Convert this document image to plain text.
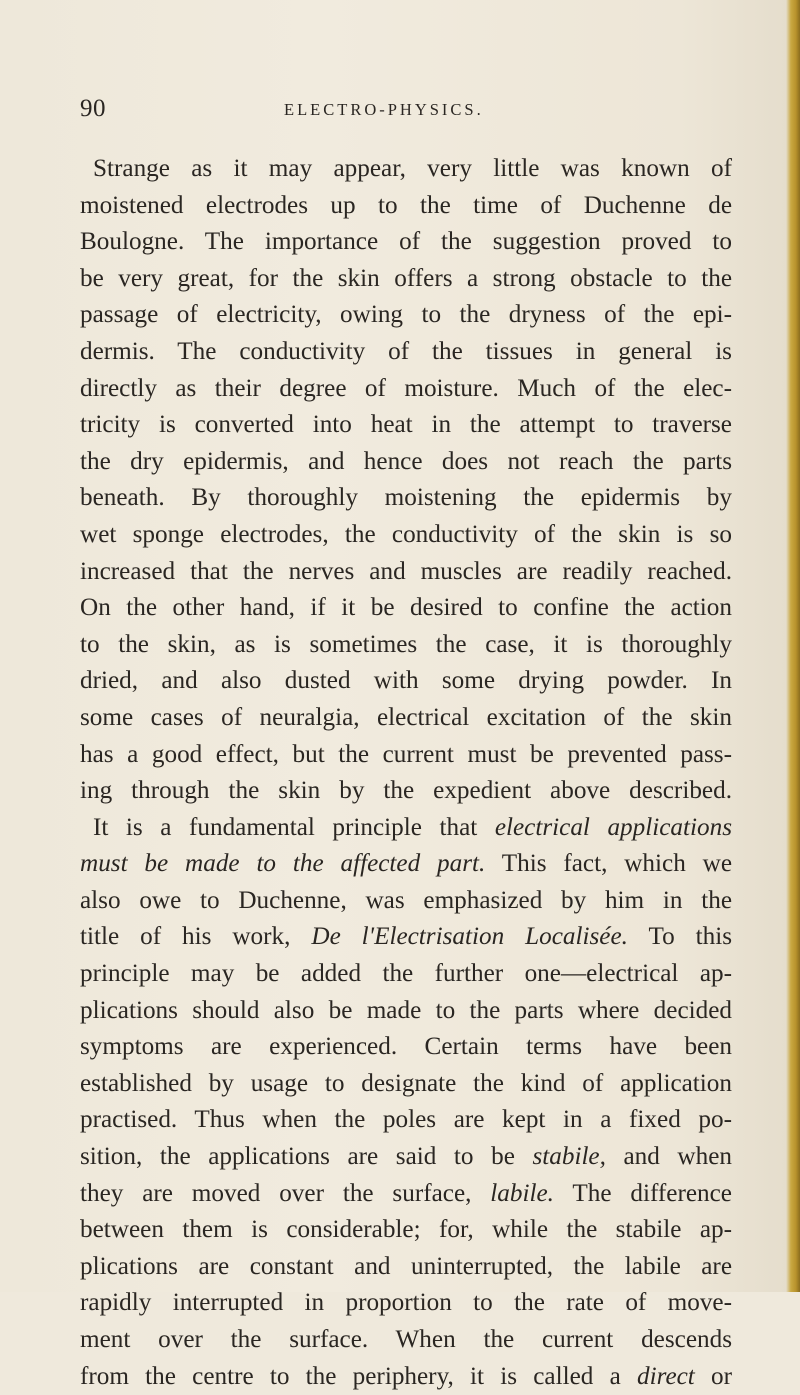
90	ELECTRO-PHYSICS.
Strange as it may appear, very little was known of
moistened electrodes up to the time of Duchenne de
Boulogne. The importance of the suggestion proved to
be very great, for the skin offers a strong obstacle to the
passage of electricity, owing to the dryness of the epi-
dermis. The conductivity of the tissues in general is
directly as their degree of moisture. Much of the elec-
tricity is converted into heat in the attempt to traverse
the dry epidermis, and hence does not reach the parts
beneath. By thoroughly moistening the epidermis by
wet sponge electrodes, the conductivity of the skin is so
increased that the nerves and muscles are readily reached.
On the other hand, if it be desired to confine the action
to the skin, as is sometimes the case, it is thoroughly
dried, and also dusted with some drying powder. In
some cases of neuralgia, electrical excitation of the skin
has a good effect, but the current must be prevented pass-
ing through the skin by the expedient above described.
It is a fundamental principle that electrical applications
must be made to the affected part. This fact, which we
also owe to Duchenne, was emphasized by him in the
title of his work, De l'Electrisation Localisée. To this
principle may be added the further one—electrical ap-
plications should also be made to the parts where decided
symptoms are experienced. Certain terms have been
established by usage to designate the kind of application
practised. Thus when the poles are kept in a fixed po-
sition, the applications are said to be stabile, and when
they are moved over the surface, labile. The difference
between them is considerable; for, while the stabile ap-
plications are constant and uninterrupted, the labile are
rapidly interrupted in proportion to the rate of move-
ment over the surface. When the current descends
from the centre to the periphery, it is called a direct or
